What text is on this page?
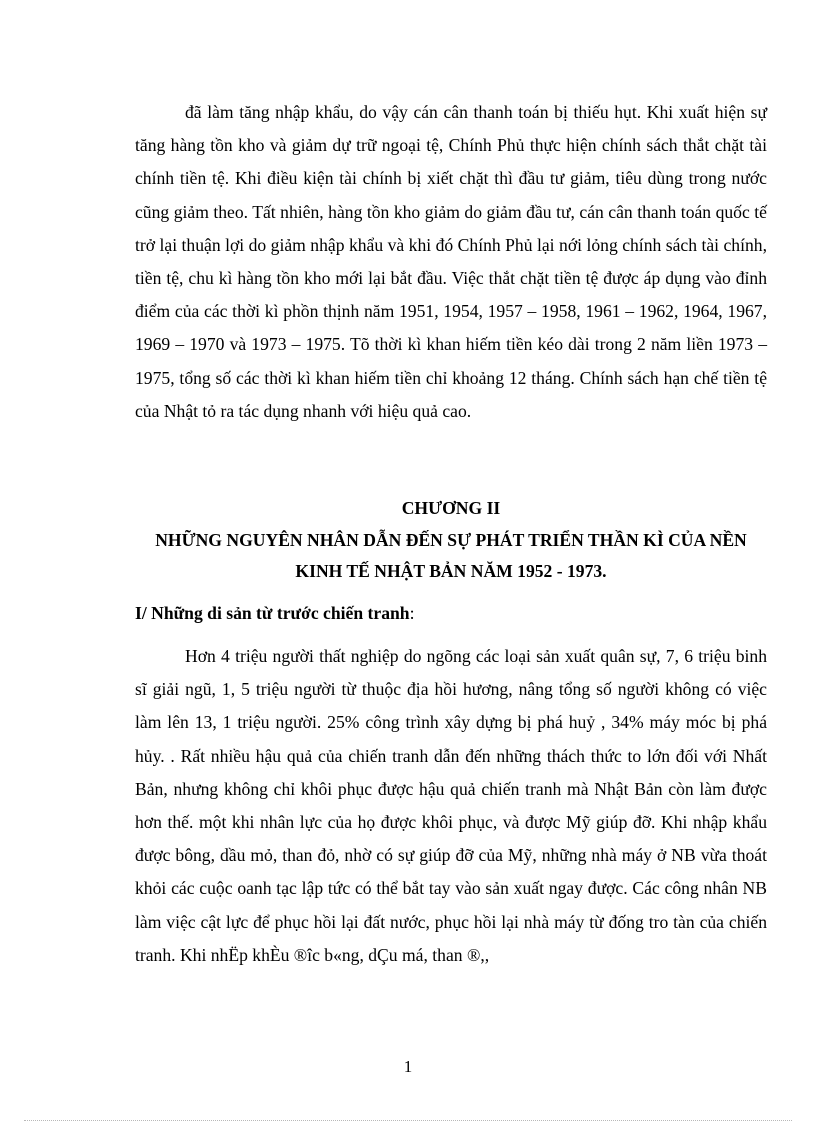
đã làm tăng nhập khẩu, do vậy cán cân thanh toán bị thiếu hụt. Khi xuất hiện sự tăng hàng tồn kho và giảm dự trữ ngoại tệ, Chính Phủ thực hiện chính sách thắt chặt tài chính tiền tệ. Khi điều kiện tài chính bị xiết chặt thì đầu tư giảm, tiêu dùng trong nước cũng giảm theo. Tất nhiên, hàng tồn kho giảm do giảm đầu tư, cán cân thanh toán quốc tế trở lại thuận lợi do giảm nhập khẩu và khi đó Chính Phủ lại nới lỏng chính sách tài chính, tiền tệ, chu kì hàng tồn kho mới lại bắt đầu. Việc thắt chặt tiền tệ được áp dụng vào đỉnh điểm của các thời kì phồn thịnh năm 1951, 1954, 1957 – 1958, 1961 – 1962, 1964, 1967, 1969 – 1970 và 1973 – 1975. Tõ thời kì khan hiếm tiền kéo dài trong 2 năm liền 1973 – 1975, tổng số các thời kì khan hiếm tiền chỉ khoảng 12 tháng. Chính sách hạn chế tiền tệ của Nhật tỏ ra tác dụng nhanh với hiệu quả cao.

CHƯƠNG II

NHỮNG NGUYÊN NHÂN DẪN ĐẾN SỰ PHÁT TRIỂN THẦN KÌ CỦA NỀN KINH TẾ NHẬT BẢN NĂM 1952 - 1973.

I/ Những di sản từ trước chiến tranh:

Hơn 4 triệu người thất nghiệp do ngõng các loại sản xuất quân sự, 7, 6 triệu binh sĩ giải ngũ, 1, 5 triệu người từ thuộc địa hồi hương, nâng tổng số người không có việc làm lên 13, 1 triệu người. 25% công trình xây dựng bị phá huỷ , 34% máy móc bị phá hủy. . Rất nhiều hậu quả của chiến tranh dẫn đến những thách thức to lớn đối với Nhất Bản, nhưng không chỉ khôi phục được hậu quả chiến tranh mà Nhật Bản còn làm được hơn thế. một khi nhân lực của họ được khôi phục, và được Mỹ giúp đỡ. Khi nhập khẩu được bông, dầu mỏ, than đỏ, nhờ có sự giúp đỡ của Mỹ, những nhà máy ở NB vừa thoát khỏi các cuộc oanh tạc lập tức có thể bắt tay vào sản xuất ngay được. Các công nhân NB làm việc cật lực để phục hồi lại đất nước, phục hồi lại nhà máy từ đống tro tàn của chiến tranh. Khi nhËp khÈu ®îc b«ng, dÇu má, than ®,,

1
